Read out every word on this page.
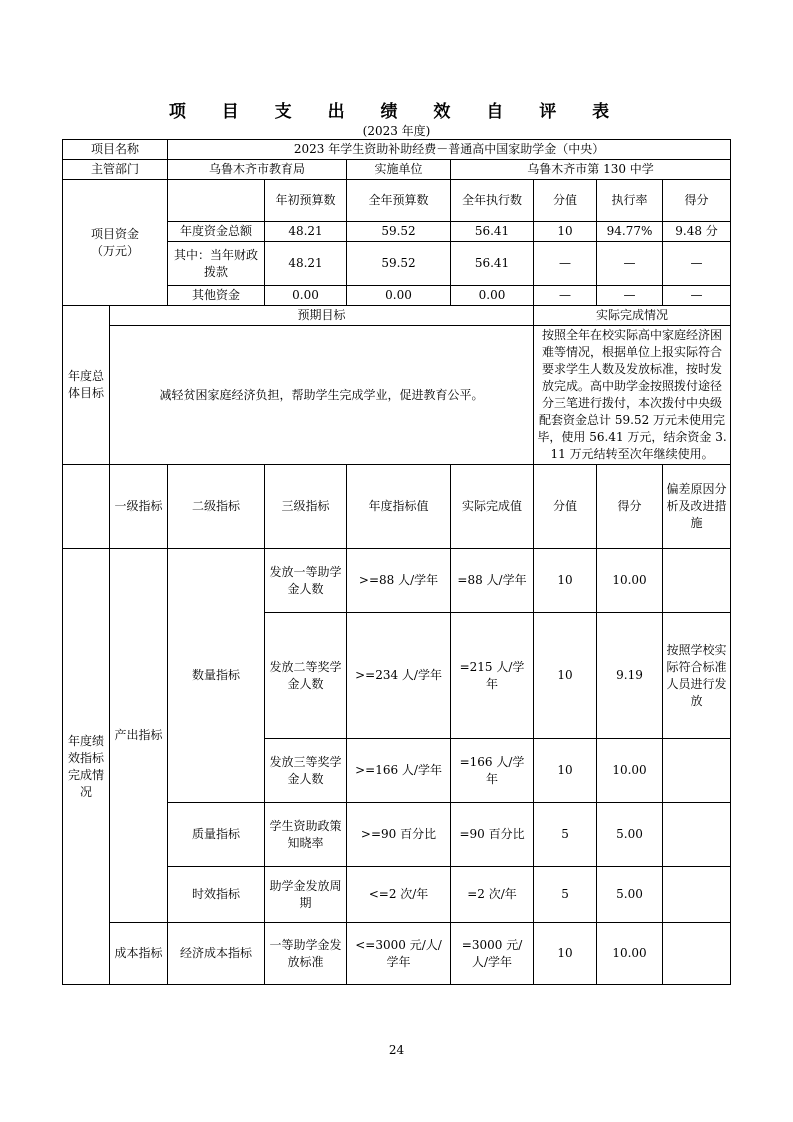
项 目 支 出 绩 效 自 评 表
(2023 年度)
项目名称		2023 年学生资助补助经费－普通高中国家助学金（中央）						
主管部门		乌鲁木齐市教育局		实施单位	乌鲁木齐市第 130 中学			
项目资金
（万元）			年初预算数	全年预算数	全年执行数	分值	执行率	得分
		年度资金总额	48.21	59.52	56.41	10	94.77%	9.48 分
		其中：当年财政拨款	48.21	59.52	56.41	—	—	—
		其他资金	0.00	0.00	0.00	—	—	—
年度总体目标	预期目标					实际完成情况		
	减轻贫困家庭经济负担，帮助学生完成学业，促进教育公平。					按照全年在校实际高中家庭经济困难等情况，根据单位上报实际符合要求学生人数及发放标准，按时发放完成。高中助学金按照拨付途径分三笔进行拨付，本次拨付中央级配套资金总计 59.52 万元未使用完毕，使用 56.41 万元，结余资金 3.11 万元结转至次年继续使用。		
	一级指标	二级指标	三级指标	年度指标值	实际完成值	分值	得分	偏差原因分析及改进措施
年度绩效指标完成情况	产出指标	数量指标	发放一等助学金人数	>=88 人/学年	=88 人/学年	10	10.00	
			发放二等奖学金人数	>=234 人/学年	=215 人/学年	10	9.19	按照学校实际符合标准人员进行发放
			发放三等奖学金人数	>=166 人/学年	=166 人/学年	10	10.00	
		质量指标	学生资助政策知晓率	>=90 百分比	=90 百分比	5	5.00	
		时效指标	助学金发放周期	<=2 次/年	=2 次/年	5	5.00	
	成本指标	经济成本指标	一等助学金发放标准	<=3000 元/人/学年	=3000 元/人/学年	10	10.00	
24
